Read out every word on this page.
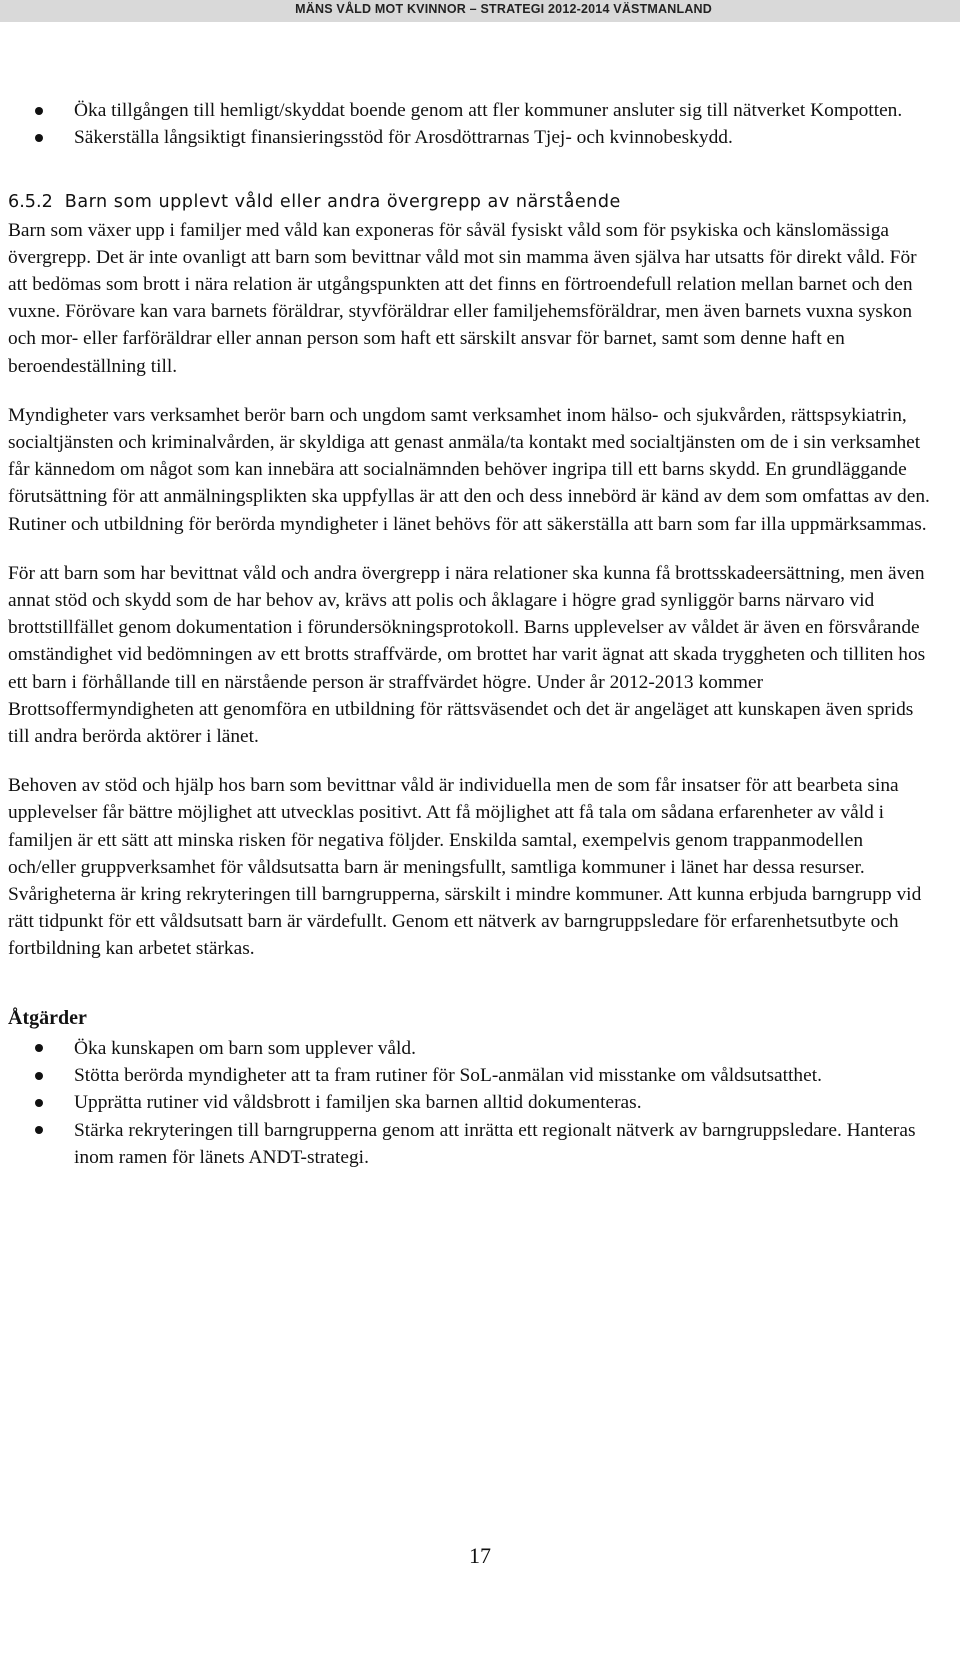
MÄNS VÅLD MOT KVINNOR – STRATEGI 2012-2014 VÄSTMANLAND
Öka tillgången till hemligt/skyddat boende genom att fler kommuner ansluter sig till nätverket Kompotten.
Säkerställa långsiktigt finansieringsstöd för Arosdöttrarnas Tjej- och kvinnobeskydd.

6.5.2 Barn som upplevt våld eller andra övergrepp av närstående

Barn som växer upp i familjer med våld kan exponeras för såväl fysiskt våld som för psykiska och känslomässiga övergrepp. Det är inte ovanligt att barn som bevittnar våld mot sin mamma även själva har utsatts för direkt våld. För att bedömas som brott i nära relation är utgångspunkten att det finns en förtroendefull relation mellan barnet och den vuxne. Förövare kan vara barnets föräldrar, styvföräldrar eller familjehemsföräldrar, men även barnets vuxna syskon och mor- eller farföräldrar eller annan person som haft ett särskilt ansvar för barnet, samt som denne haft en beroendeställning till.

Myndigheter vars verksamhet berör barn och ungdom samt verksamhet inom hälso- och sjukvården, rättspsykiatrin, socialtjänsten och kriminalvården, är skyldiga att genast anmäla/ta kontakt med socialtjänsten om de i sin verksamhet får kännedom om något som kan innebära att socialnämnden behöver ingripa till ett barns skydd. En grundläggande förutsättning för att anmälningsplikten ska uppfyllas är att den och dess innebörd är känd av dem som omfattas av den. Rutiner och utbildning för berörda myndigheter i länet behövs för att säkerställa att barn som far illa uppmärksammas.

För att barn som har bevittnat våld och andra övergrepp i nära relationer ska kunna få brottsskadeersättning, men även annat stöd och skydd som de har behov av, krävs att polis och åklagare i högre grad synliggör barns närvaro vid brottstillfället genom dokumentation i förundersökningsprotokoll. Barns upplevelser av våldet är även en försvårande omständighet vid bedömningen av ett brotts straffvärde, om brottet har varit ägnat att skada tryggheten och tilliten hos ett barn i förhållande till en närstående person är straffvärdet högre. Under år 2012-2013 kommer Brottsoffermyndigheten att genomföra en utbildning för rättsväsendet och det är angeläget att kunskapen även sprids till andra berörda aktörer i länet.

Behoven av stöd och hjälp hos barn som bevittnar våld är individuella men de som får insatser för att bearbeta sina upplevelser får bättre möjlighet att utvecklas positivt. Att få möjlighet att få tala om sådana erfarenheter av våld i familjen är ett sätt att minska risken för negativa följder. Enskilda samtal, exempelvis genom trappanmodellen och/eller gruppverksamhet för våldsutsatta barn är meningsfullt, samtliga kommuner i länet har dessa resurser. Svårigheterna är kring rekryteringen till barngrupperna, särskilt i mindre kommuner. Att kunna erbjuda barngrupp vid rätt tidpunkt för ett våldsutsatt barn är värdefullt. Genom ett nätverk av barngruppsledare för erfarenhetsutbyte och fortbildning kan arbetet stärkas.

Åtgärder

Öka kunskapen om barn som upplever våld.
Stötta berörda myndigheter att ta fram rutiner för SoL-anmälan vid misstanke om våldsutsatthet.
Upprätta rutiner vid våldsbrott i familjen ska barnen alltid dokumenteras.
Stärka rekryteringen till barngrupperna genom att inrätta ett regionalt nätverk av barngruppsledare. Hanteras inom ramen för länets ANDT-strategi.
17
